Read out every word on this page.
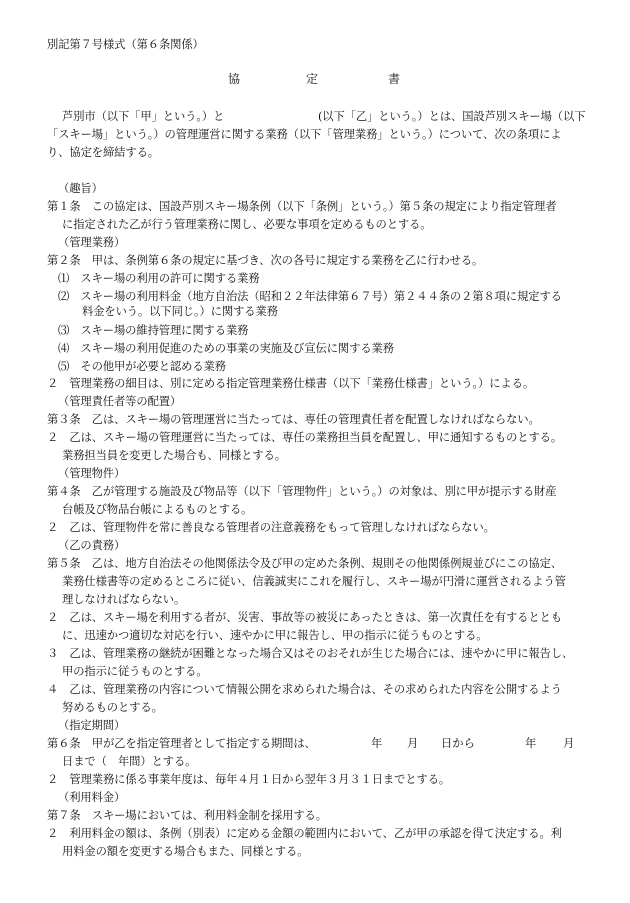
別記第７号様式（第６条関係）
協	定	書
芦別市（以下「甲」という。）と	(以下「乙」という。）とは、国設芦別スキー場（以下
「スキー場」という。）の管理運営に関する業務（以下「管理業務」という。）について、次の条項によ
り、協定を締結する。
（趣旨）
第１条　この協定は、国設芦別スキー場条例（以下「条例」という。）第５条の規定により指定管理者
に指定された乙が行う管理業務に関し、必要な事項を定めるものとする。
（管理業務）
第２条　甲は、条例第６条の規定に基づき、次の各号に規定する業務を乙に行わせる。
⑴　スキー場の利用の許可に関する業務
⑵　スキー場の利用料金（地方自治法（昭和２２年法律第６７号）第２４４条の２第８項に規定する
料金をいう。以下同じ。）に関する業務
⑶　スキー場の維持管理に関する業務
⑷　スキー場の利用促進のための事業の実施及び宣伝に関する業務
⑸　その他甲が必要と認める業務
２　管理業務の細目は、別に定める指定管理業務仕様書（以下「業務仕様書」という。）による。
（管理責任者等の配置）
第３条　乙は、スキー場の管理運営に当たっては、専任の管理責任者を配置しなければならない。
２　乙は、スキー場の管理運営に当たっては、専任の業務担当員を配置し、甲に通知するものとする。
業務担当員を変更した場合も、同様とする。
（管理物件）
第４条　乙が管理する施設及び物品等（以下「管理物件」という。）の対象は、別に甲が提示する財産
台帳及び物品台帳によるものとする。
２　乙は、管理物件を常に善良なる管理者の注意義務をもって管理しなければならない。
（乙の責務）
第５条　乙は、地方自治法その他関係法令及び甲の定めた条例、規則その他関係例規並びにこの協定、
業務仕様書等の定めるところに従い、信義誠実にこれを履行し、スキー場が円滑に運営されるよう管
理しなければならない。
２　乙は、スキー場を利用する者が、災害、事故等の被災にあったときは、第一次責任を有するととも
に、迅速かつ適切な対応を行い、速やかに甲に報告し、甲の指示に従うものとする。
３　乙は、管理業務の継続が困難となった場合又はそのおそれが生じた場合には、速やかに甲に報告し、
甲の指示に従うものとする。
４　乙は、管理業務の内容について情報公開を求められた場合は、その求められた内容を公開するよう
努めるものとする。
（指定期間）
第６条　甲が乙を指定管理者として指定する期間は、	年 月 日から	年 月
日まで（　年間）とする。
２　管理業務に係る事業年度は、毎年４月１日から翌年３月３１日までとする。
（利用料金）
第７条　スキー場においては、利用料金制を採用する。
２　利用料金の額は、条例（別表）に定める金額の範囲内において、乙が甲の承認を得て決定する。利
用料金の額を変更する場合もまた、同様とする。
